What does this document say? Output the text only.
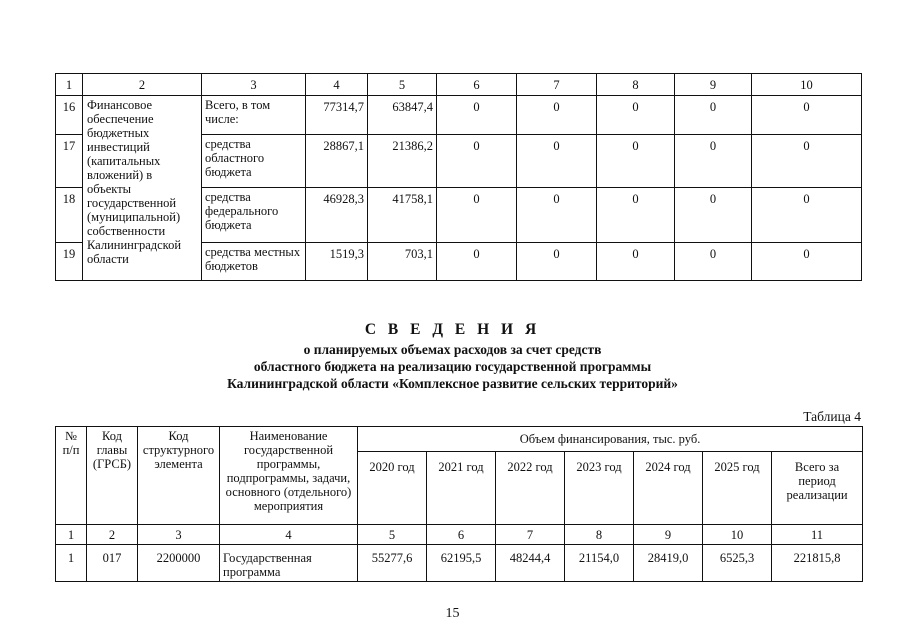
1	2	3	4	5	6	7	8	9	10
16	Финансовое обеспечение бюджетных инвестиций (капитальных вложений) в объекты государственной (муниципальной) собственности Калининградской области	Всего, в том числе:	77314,7	63847,4	0	0	0	0	0
17		средства областного бюджета	28867,1	21386,2	0	0	0	0	0
18		средства федерального бюджета	46928,3	41758,1	0	0	0	0	0
19		средства местных бюджетов	1519,3	703,1	0	0	0	0	0
С В Е Д Е Н И Я
о планируемых объемах расходов за счет средств
областного бюджета на реализацию государственной программы
Калининградской области «Комплексное развитие сельских территорий»
Таблица 4
№ п/п	Код главы (ГРСБ)	Код структурного элемента	Наименование государственной программы, подпрограммы, задачи, основного (отдельного) мероприятия	Объем финансирования, тыс. руб.						
				2020 год	2021 год	2022 год	2023 год	2024 год	2025 год	Всего за период реализации
1	2	3	4	5	6	7	8	9	10	11
1	017	2200000	Государственная программа	55277,6	62195,5	48244,4	21154,0	28419,0	6525,3	221815,8
15
